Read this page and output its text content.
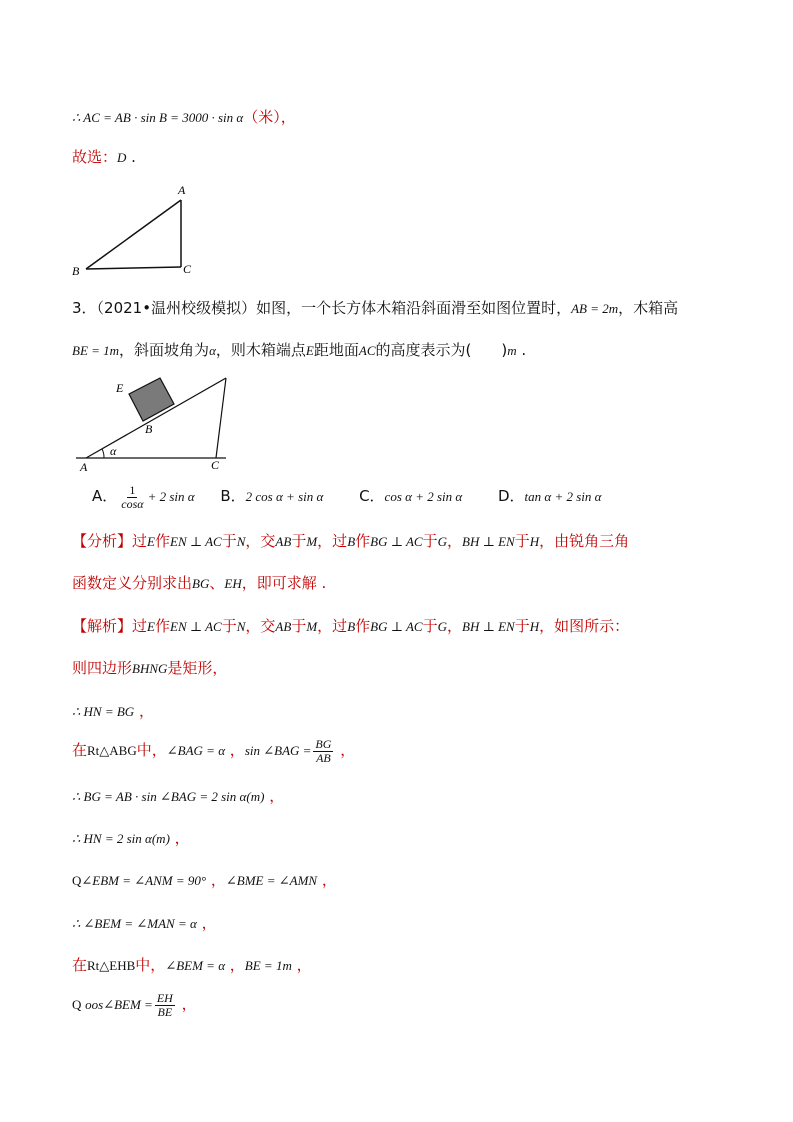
∴ AC = AB · sin B = 3000 · sin α（米），
故选：D .
A
B	C
3．（2021•温州校级模拟）如图，一个长方体木箱沿斜面滑至如图位置时，AB = 2m，木箱高
BE = 1m，斜面坡角为α，则木箱端点E距地面AC的高度表示为(　　)m .
E
B
A	C
α
A． $\frac{1}{\cos\alpha} + 2$ sin α B．2 cos α + sin α C．cos α + 2 sin α D．tan α + 2 sin α
【分析】过E作EN ⊥ AC于N，交AB于M，过B作BG ⊥ AC于G，BH ⊥ EN于H，由锐角三角
函数定义分别求出BG、EH，即可求解 .
【解析】过E作EN ⊥ AC于N，交AB于M，过B作BG ⊥ AC于G，BH ⊥ EN于H，如图所示：
则四边形BHNG是矩形，
∴ HN = BG ，
在Rt△ABG中，∠BAG = α ，sin ∠BAG = $\frac{BG}{AB}$ ，
∴ BG = AB · sin ∠BAG = 2 sin α(m) ，
∴ HN = 2 sin α(m) ，
Q∠EBM = ∠ANM = 90° ，∠BME = ∠AMN ，
∴ ∠BEM = ∠MAN = α ，
在Rt△EHB中，∠BEM = α ，BE = 1m ，
Q oos∠BEM = $\frac{EH}{BE}$ ，
